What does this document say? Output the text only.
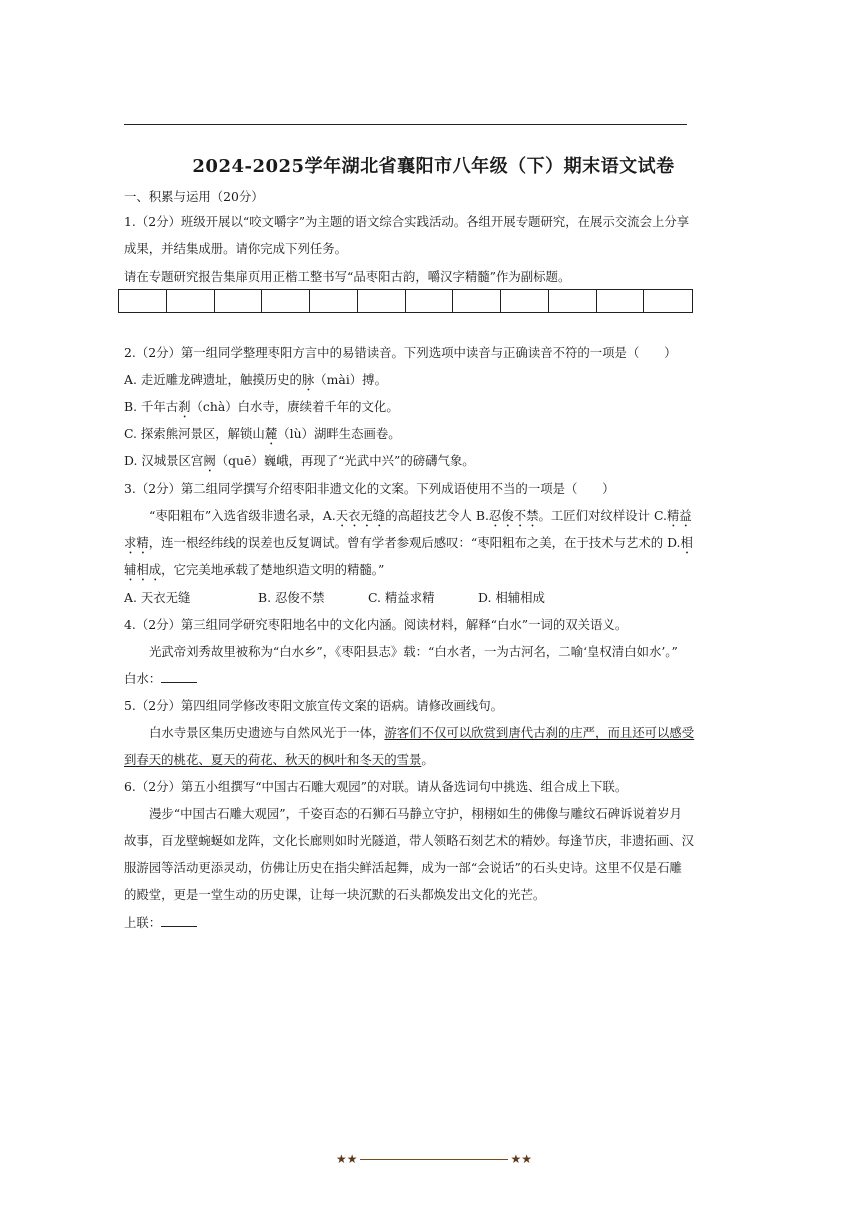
2024-2025学年湖北省襄阳市八年级（下）期末语文试卷
一、积累与运用（20分）
1.（2分）班级开展以“咬文嚼字”为主题的语文综合实践活动。各组开展专题研究，在展示交流会上分享
成果，并结集成册。请你完成下列任务。
请在专题研究报告集扉页用正楷工整书写“品枣阳古韵，嚼汉字精髓”作为副标题。
2.（2分）第一组同学整理枣阳方言中的易错读音。下列选项中读音与正确读音不符的一项是（　　）
A. 走近雕龙碑遗址，触摸历史的脉（mài）搏。
B. 千年古刹（chà）白水寺，赓续着千年的文化。
C. 探索熊河景区，解锁山麓（lù）湖畔生态画卷。
D. 汉城景区宫阙（quē）巍峨，再现了“光武中兴”的磅礴气象。
3.（2分）第二组同学撰写介绍枣阳非遗文化的文案。下列成语使用不当的一项是（　　）
“枣阳粗布”入选省级非遗名录，A.天衣无缝的高超技艺令人 B.忍俊不禁。工匠们对纹样设计 C.精益
求精，连一根经纬线的误差也反复调试。曾有学者参观后感叹：“枣阳粗布之美，在于技术与艺术的 D.相
辅相成，它完美地承载了楚地织造文明的精髓。”
A. 天衣无缝	B. 忍俊不禁	C. 精益求精	D. 相辅相成
4.（2分）第三组同学研究枣阳地名中的文化内涵。阅读材料，解释“白水”一词的双关语义。
光武帝刘秀故里被称为“白水乡”，《枣阳县志》载：“白水者，一为古河名，二喻‘皇权清白如水’。”
白水：
5.（2分）第四组同学修改枣阳文旅宣传文案的语病。请修改画线句。
白水寺景区集历史遗迹与自然风光于一体，游客们不仅可以欣赏到唐代古刹的庄严，而且还可以感受
到春天的桃花、夏天的荷花、秋天的枫叶和冬天的雪景。
6.（2分）第五小组撰写“中国古石雕大观园”的对联。请从备选词句中挑选、组合成上下联。
漫步“中国古石雕大观园”，千姿百态的石狮石马静立守护，栩栩如生的佛像与雕纹石碑诉说着岁月
故事，百龙壁蜿蜒如龙阵，文化长廊则如时光隧道，带人领略石刻艺术的精妙。每逢节庆，非遗拓画、汉
服游园等活动更添灵动，仿佛让历史在指尖鲜活起舞，成为一部“会说话”的石头史诗。这里不仅是石雕
的殿堂，更是一堂生动的历史课，让每一块沉默的石头都焕发出文化的光芒。
上联：
★★	★★
